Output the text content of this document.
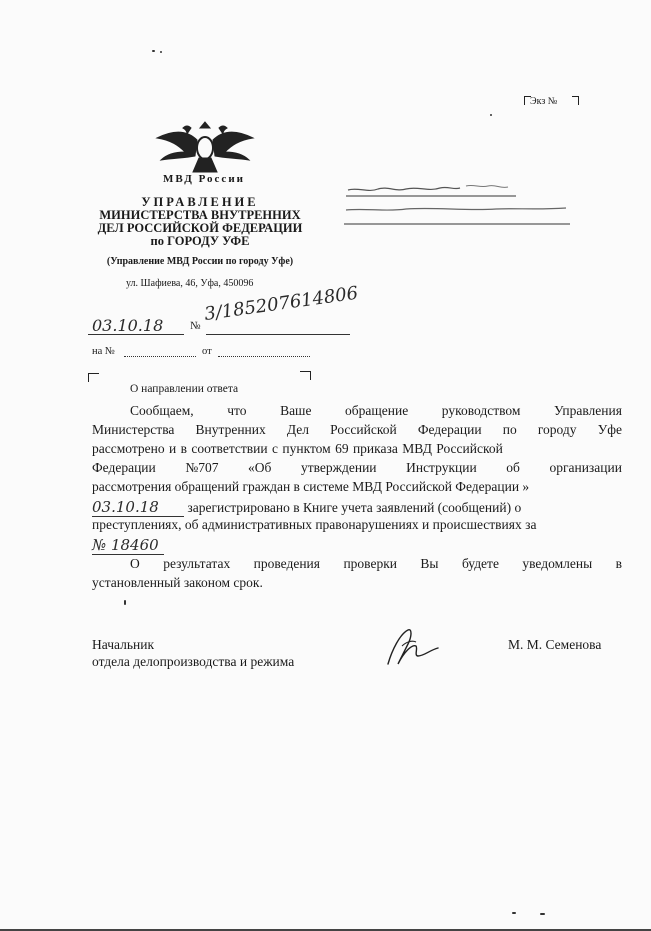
Экз №
МВД России
УПРАВЛЕНИЕ
МИНИСТЕРСТВА ВНУТРЕННИХ
ДЕЛ РОССИЙСКОЙ ФЕДЕРАЦИИ
по ГОРОДУ УФЕ
(Управление МВД России по городу Уфе)
ул. Шафиева, 46, Уфа, 450096
03.10.18 №
3/185207614806
на №	от
О направлении ответа
Сообщаем, что Ваше обращение руководством Управления
Министерства Внутренних Дел Российской Федерации по городу Уфе
рассмотрено и в соответствии с пунктом 69 приказа МВД Российской
Федерации №707 «Об утверждении Инструкции об организации
рассмотрения обращений граждан в системе МВД Российской Федерации »
03.10.18 зарегистрировано в Книге учета заявлений (сообщений) о
преступлениях, об административных правонарушениях и происшествиях за
№ 18460
О результатах проведения проверки Вы будете уведомлены в
установленный законом срок.
Начальник
отдела делопроизводства и режима
М. М. Семенова
